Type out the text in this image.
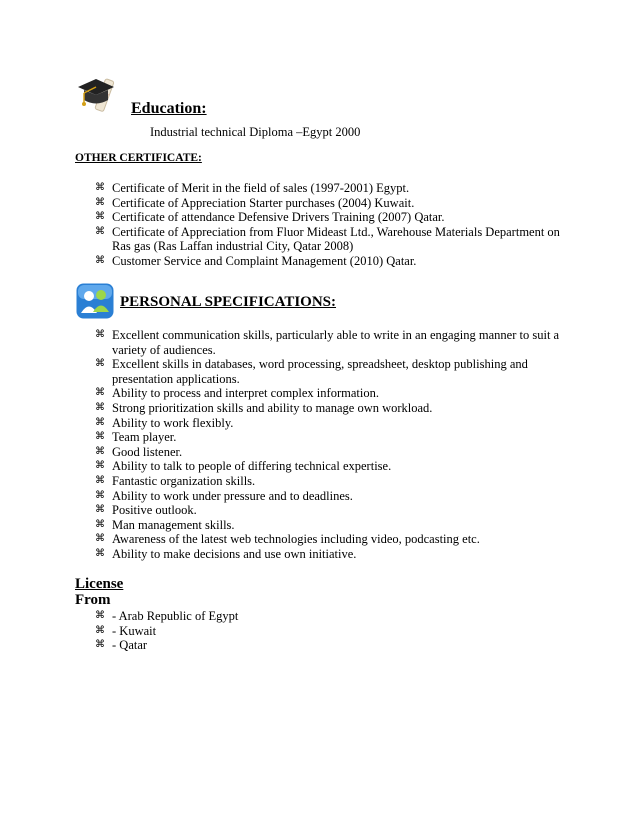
Education:
Industrial technical Diploma –Egypt 2000
OTHER CERTIFICATE:
⌘ Certificate of Merit in the field of sales (1997-2001) Egypt.
⌘ Certificate of Appreciation Starter purchases (2004) Kuwait.
⌘ Certificate of attendance Defensive Drivers Training (2007) Qatar.
⌘ Certificate of Appreciation from Fluor Mideast Ltd., Warehouse Materials Department on Ras gas (Ras Laffan industrial City, Qatar 2008)
⌘ Customer Service and Complaint Management (2010) Qatar.
PERSONAL SPECIFICATIONS:
⌘ Excellent communication skills, particularly able to write in an engaging manner to suit a variety of audiences.
⌘ Excellent skills in databases, word processing, spreadsheet, desktop publishing and presentation applications.
⌘ Ability to process and interpret complex information.
⌘ Strong prioritization skills and ability to manage own workload.
⌘ Ability to work flexibly.
⌘ Team player.
⌘ Good listener.
⌘ Ability to talk to people of differing technical expertise.
⌘ Fantastic organization skills.
⌘ Ability to work under pressure and to deadlines.
⌘ Positive outlook.
⌘ Man management skills.
⌘ Awareness of the latest web technologies including video, podcasting etc.
⌘ Ability to make decisions and use own initiative.
License
From
⌘ - Arab Republic of Egypt
⌘ - Kuwait
⌘ - Qatar
